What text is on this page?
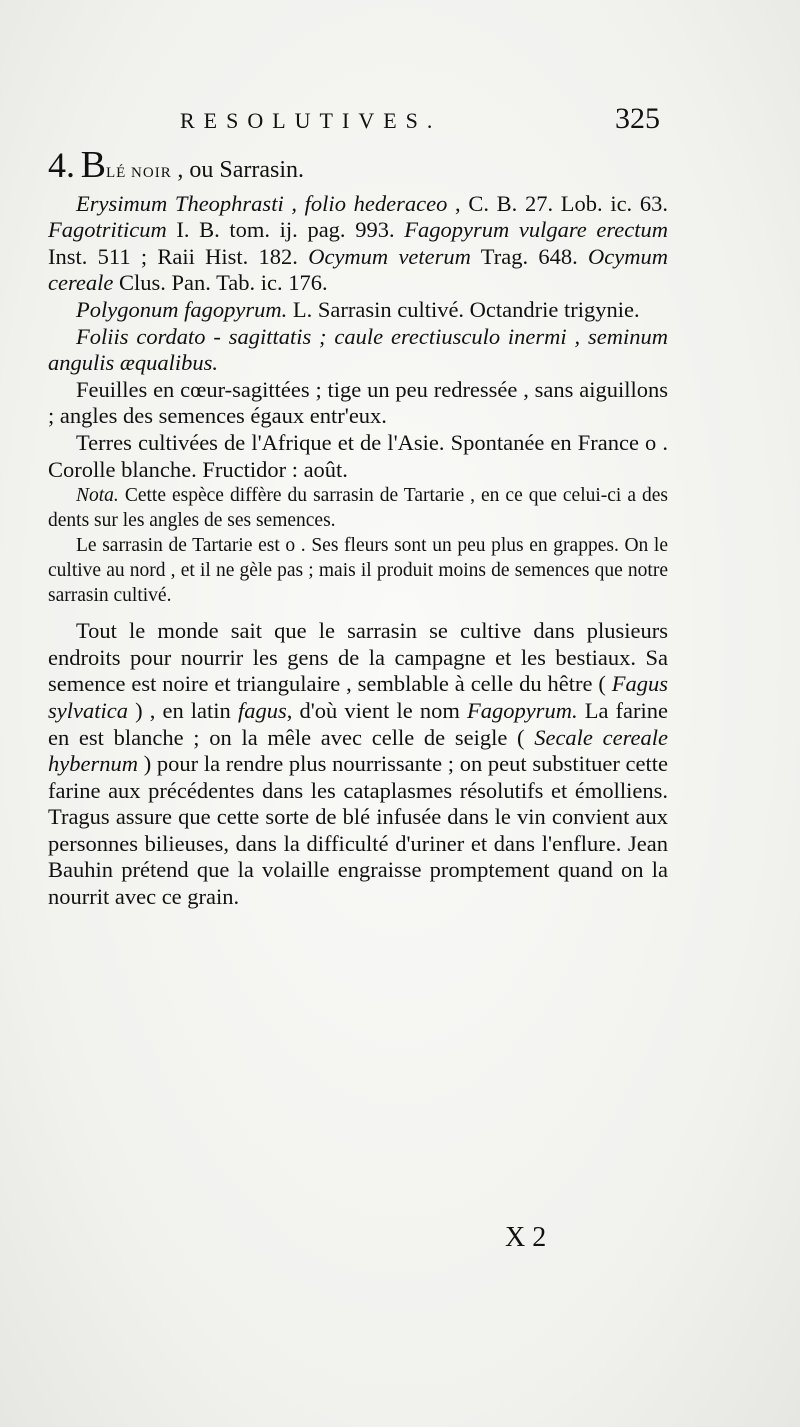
RESOLUTIVES.	325

4. BLÉ NOIR , ou Sarrasin.

Erysimum Theophrasti , folio hederaceo , C. B. 27. Lob. ic. 63. Fagotriticum I. B. tom. ij. pag. 993. Fagopyrum vulgare erectum Inst. 511 ; Raii Hist. 182. Ocymum veterum Trag. 648. Ocymum cereale Clus. Pan. Tab. ic. 176.

Polygonum fagopyrum. L. Sarrasin cultivé. Octandrie trigynie.

Foliis cordato - sagittatis ; caule erectiusculo inermi , seminum angulis æqualibus.

Feuilles en cœur-sagittées ; tige un peu redressée , sans aiguillons ; angles des semences égaux entr'eux.

Terres cultivées de l'Afrique et de l'Asie. Spontanée en France o . Corolle blanche. Fructidor : août.

Nota. Cette espèce diffère du sarrasin de Tartarie , en ce que celui-ci a des dents sur les angles de ses semences.

Le sarrasin de Tartarie est o . Ses fleurs sont un peu plus en grappes. On le cultive au nord , et il ne gèle pas ; mais il produit moins de semences que notre sarrasin cultivé.

Tout le monde sait que le sarrasin se cultive dans plusieurs endroits pour nourrir les gens de la campagne et les bestiaux. Sa semence est noire et triangulaire , semblable à celle du hêtre ( Fagus sylvatica ) , en latin fagus, d'où vient le nom Fagopyrum. La farine en est blanche ; on la mêle avec celle de seigle ( Secale cereale hybernum ) pour la rendre plus nourrissante ; on peut substituer cette farine aux précédentes dans les cataplasmes résolutifs et émolliens. Tragus assure que cette sorte de blé infusée dans le vin convient aux personnes bilieuses, dans la difficulté d'uriner et dans l'enflure. Jean Bauhin prétend que la volaille engraisse promptement quand on la nourrit avec ce grain.

X 2
